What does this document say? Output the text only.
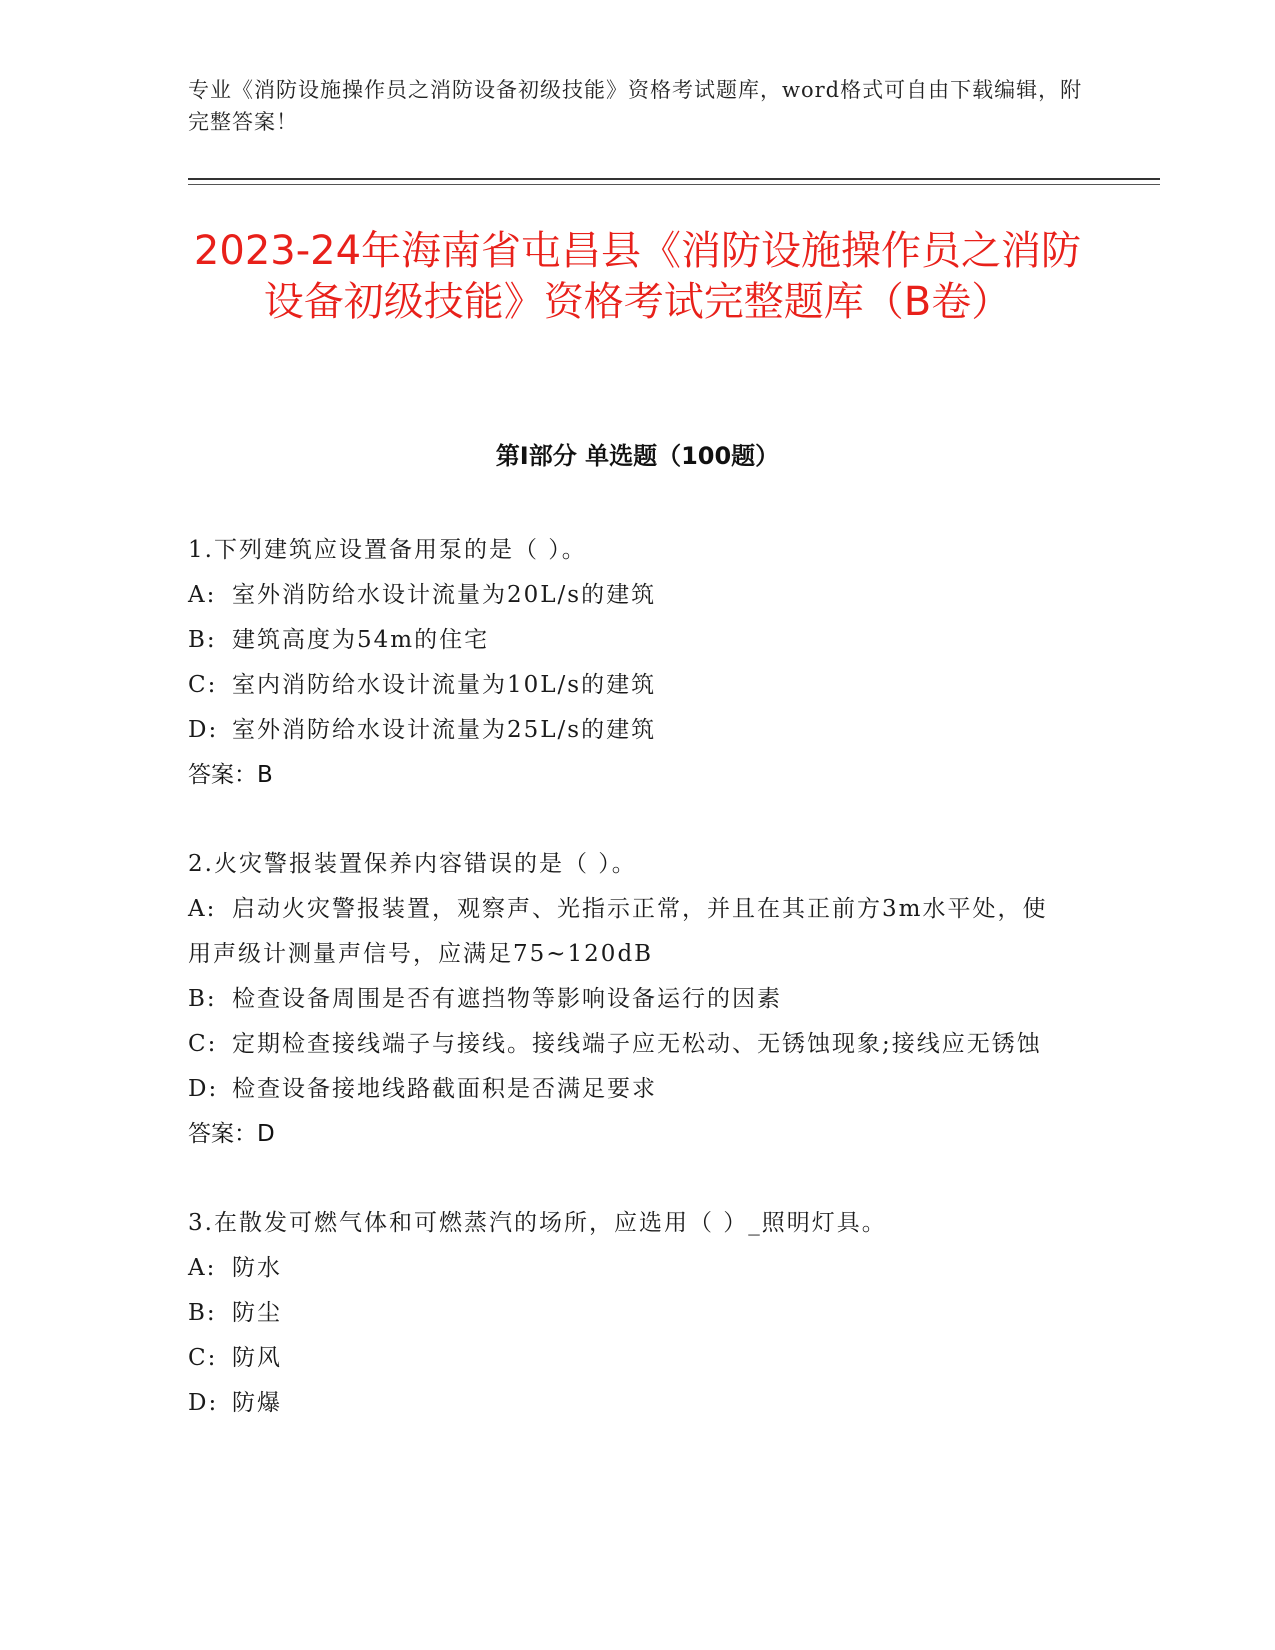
专业《消防设施操作员之消防设备初级技能》资格考试题库，word格式可自由下载编辑，附完整答案！
2023-24年海南省屯昌县《消防设施操作员之消防设备初级技能》资格考试完整题库（B卷）
第I部分 单选题（100题）
1.下列建筑应设置备用泵的是（ ）。
A: 室外消防给水设计流量为20L/s的建筑
B: 建筑高度为54m的住宅
C: 室内消防给水设计流量为10L/s的建筑
D: 室外消防给水设计流量为25L/s的建筑
答案：B
2.火灾警报装置保养内容错误的是（ ）。
A: 启动火灾警报装置，观察声、光指示正常，并且在其正前方3m水平处，使用声级计测量声信号，应满足75~120dB
B: 检查设备周围是否有遮挡物等影响设备运行的因素
C: 定期检查接线端子与接线。接线端子应无松动、无锈蚀现象;接线应无锈蚀
D: 检查设备接地线路截面积是否满足要求
答案：D
3.在散发可燃气体和可燃蒸汽的场所，应选用（ ）_照明灯具。
A: 防水
B: 防尘
C: 防风
D: 防爆
